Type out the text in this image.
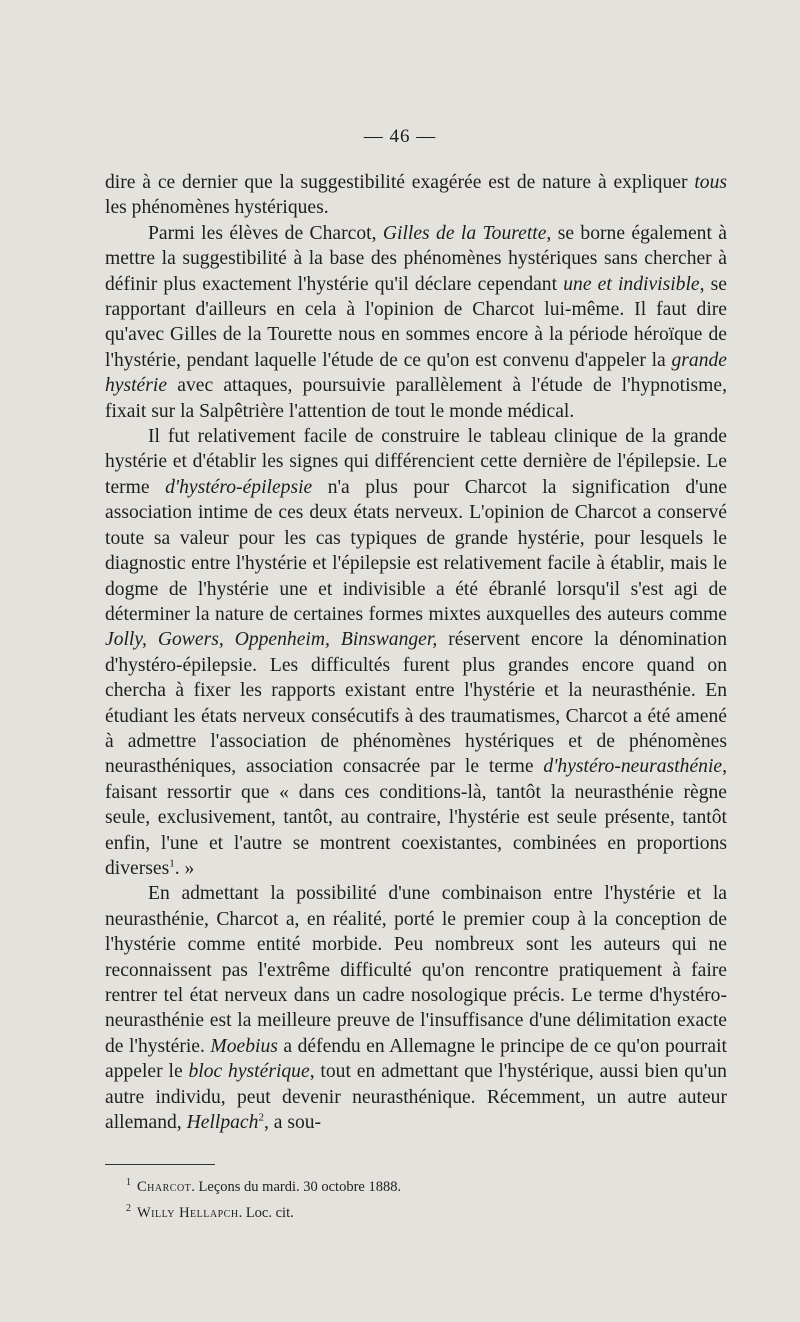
— 46 —

dire à ce dernier que la suggestibilité exagérée est de nature à expliquer tous les phénomènes hystériques.

Parmi les élèves de Charcot, Gilles de la Tourette, se borne également à mettre la suggestibilité à la base des phénomènes hystériques sans chercher à définir plus exactement l'hystérie qu'il déclare cependant une et indivisible, se rapportant d'ailleurs en cela à l'opinion de Charcot lui-même. Il faut dire qu'avec Gilles de la Tourette nous en sommes encore à la période héroïque de l'hystérie, pendant laquelle l'étude de ce qu'on est convenu d'appeler la grande hystérie avec attaques, poursuivie parallèlement à l'étude de l'hypnotisme, fixait sur la Salpêtrière l'attention de tout le monde médical.

Il fut relativement facile de construire le tableau clinique de la grande hystérie et d'établir les signes qui différencient cette dernière de l'épilepsie. Le terme d'hystéro-épilepsie n'a plus pour Charcot la signification d'une association intime de ces deux états nerveux. L'opinion de Charcot a conservé toute sa valeur pour les cas typiques de grande hystérie, pour lesquels le diagnostic entre l'hystérie et l'épilepsie est relativement facile à établir, mais le dogme de l'hystérie une et indivisible a été ébranlé lorsqu'il s'est agi de déterminer la nature de certaines formes mixtes auxquelles des auteurs comme Jolly, Gowers, Oppenheim, Binswanger, réservent encore la dénomination d'hystéro-épilepsie. Les difficultés furent plus grandes encore quand on chercha à fixer les rapports existant entre l'hystérie et la neurasthénie. En étudiant les états nerveux consécutifs à des traumatismes, Charcot a été amené à admettre l'association de phénomènes hystériques et de phénomènes neurasthéniques, association consacrée par le terme d'hystéro-neurasthénie, faisant ressortir que « dans ces conditions-là, tantôt la neurasthénie règne seule, exclusivement, tantôt, au contraire, l'hystérie est seule présente, tantôt enfin, l'une et l'autre se montrent coexistantes, combinées en proportions diverses$^1$. »

En admettant la possibilité d'une combinaison entre l'hystérie et la neurasthénie, Charcot a, en réalité, porté le premier coup à la conception de l'hystérie comme entité morbide. Peu nombreux sont les auteurs qui ne reconnaissent pas l'extrême difficulté qu'on rencontre pratiquement à faire rentrer tel état nerveux dans un cadre nosologique précis. Le terme d'hystéro-neurasthénie est la meilleure preuve de l'insuffisance d'une délimitation exacte de l'hystérie. Moebius a défendu en Allemagne le principe de ce qu'on pourrait appeler le bloc hystérique, tout en admettant que l'hystérique, aussi bien qu'un autre individu, peut devenir neurasthénique. Récemment, un autre auteur allemand, Hellpach$^2$, a sou-

$^1$ Charcot. Leçons du mardi. 30 octobre 1888.
$^2$ Willy Hellapch. Loc. cit.
